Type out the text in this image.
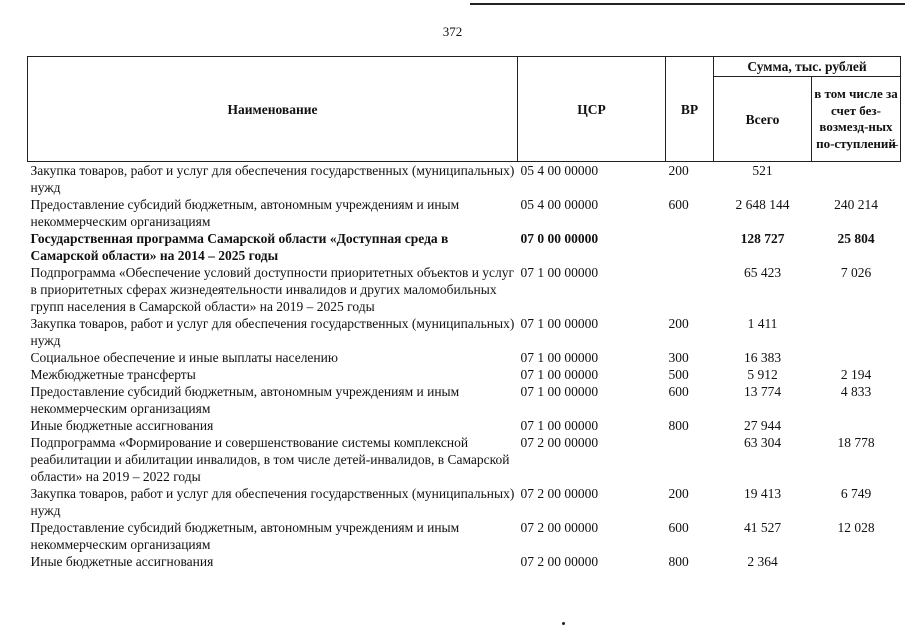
372
Наименование	ЦСР	ВР	Сумма, тыс. рублей	
			Всего	в том числе за счет без-возмезд-ных по-ступлений

Закупка товаров, работ и услуг для обеспечения государственных (муниципальных) нужд	05 4 00 00000	200	521	
Предоставление субсидий бюджетным, автономным учреждениям и иным некоммерческим организациям	05 4 00 00000	600	2 648 144	240 214
Государственная программа Самарской области «Доступная среда в Самарской области» на 2014 – 2025 годы	07 0 00 00000		128 727	25 804
Подпрограмма «Обеспечение условий доступности приоритетных объектов и услуг в приоритетных сферах жизнедеятельности инвалидов и других маломобильных групп населения в Самарской области» на 2019 – 2025 годы	07 1 00 00000		65 423	7 026
Закупка товаров, работ и услуг для обеспечения государственных (муниципальных) нужд	07 1 00 00000	200	1 411	
Социальное обеспечение и иные выплаты населению	07 1 00 00000	300	16 383	
Межбюджетные трансферты	07 1 00 00000	500	5 912	2 194
Предоставление субсидий бюджетным, автономным учреждениям и иным некоммерческим организациям	07 1 00 00000	600	13 774	4 833
Иные бюджетные ассигнования	07 1 00 00000	800	27 944	
Подпрограмма «Формирование и совершенствование системы комплексной реабилитации и абилитации инвалидов, в том числе детей-инвалидов, в Самарской области» на 2019 – 2022 годы	07 2 00 00000		63 304	18 778
Закупка товаров, работ и услуг для обеспечения государственных (муниципальных) нужд	07 2 00 00000	200	19 413	6 749
Предоставление субсидий бюджетным, автономным учреждениям и иным некоммерческим организациям	07 2 00 00000	600	41 527	12 028
Иные бюджетные ассигнования	07 2 00 00000	800	2 364	
